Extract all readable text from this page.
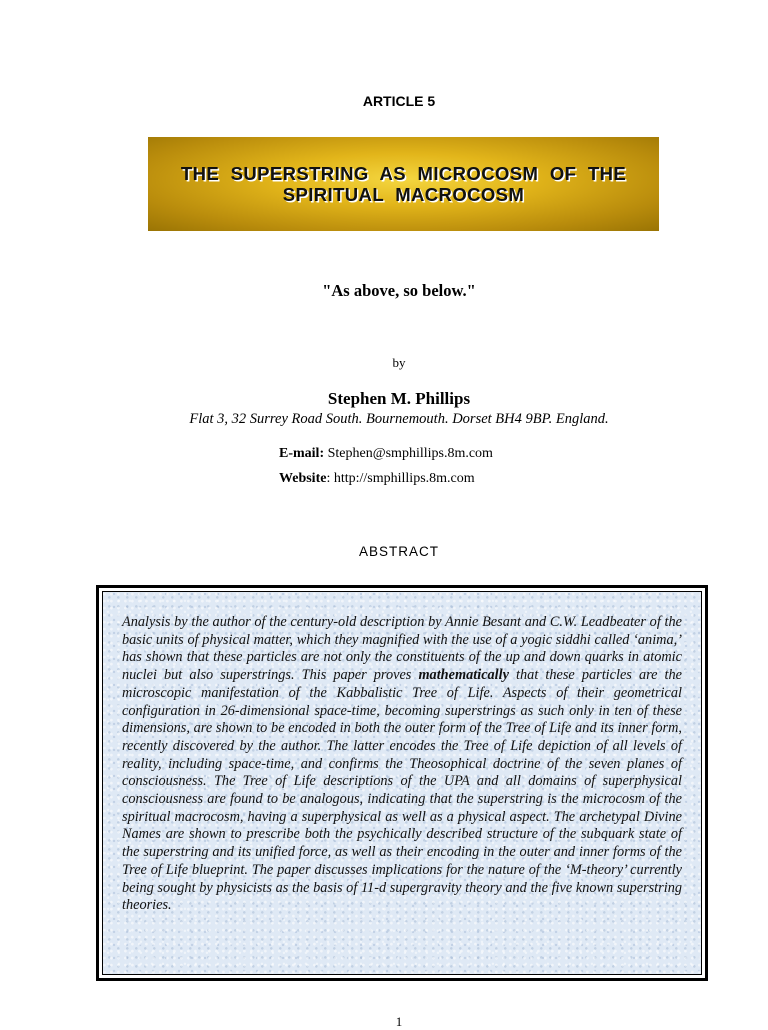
ARTICLE 5
THE SUPERSTRING AS MICROCOSM OF THE
SPIRITUAL MACROCOSM
"As above, so below."
by
Stephen M. Phillips
Flat 3, 32 Surrey Road South. Bournemouth. Dorset BH4 9BP. England.
E-mail: Stephen@smphillips.8m.com
Website: http://smphillips.8m.com
ABSTRACT

Analysis by the author of the century-old description by Annie Besant and C.W. Leadbeater of the basic units of physical matter, which they magnified with the use of a yogic siddhi called ‘anima,’ has shown that these particles are not only the constituents of the up and down quarks in atomic nuclei but also superstrings. This paper proves mathematically that these particles are the microscopic manifestation of the Kabbalistic Tree of Life. Aspects of their geometrical configuration in 26-dimensional space-time, becoming superstrings as such only in ten of these dimensions, are shown to be encoded in both the outer form of the Tree of Life and its inner form, recently discovered by the author. The latter encodes the Tree of Life depiction of all levels of reality, including space-time, and confirms the Theosophical doctrine of the seven planes of consciousness. The Tree of Life descriptions of the UPA and all domains of superphysical consciousness are found to be analogous, indicating that the superstring is the microcosm of the spiritual macrocosm, having a superphysical as well as a physical aspect. The archetypal Divine Names are shown to prescribe both the psychically described structure of the subquark state of the superstring and its unified force, as well as their encoding in the outer and inner forms of the Tree of Life blueprint. The paper discusses implications for the nature of the ‘M-theory’ currently being sought by physicists as the basis of 11-d supergravity theory and the five known superstring theories.

1
